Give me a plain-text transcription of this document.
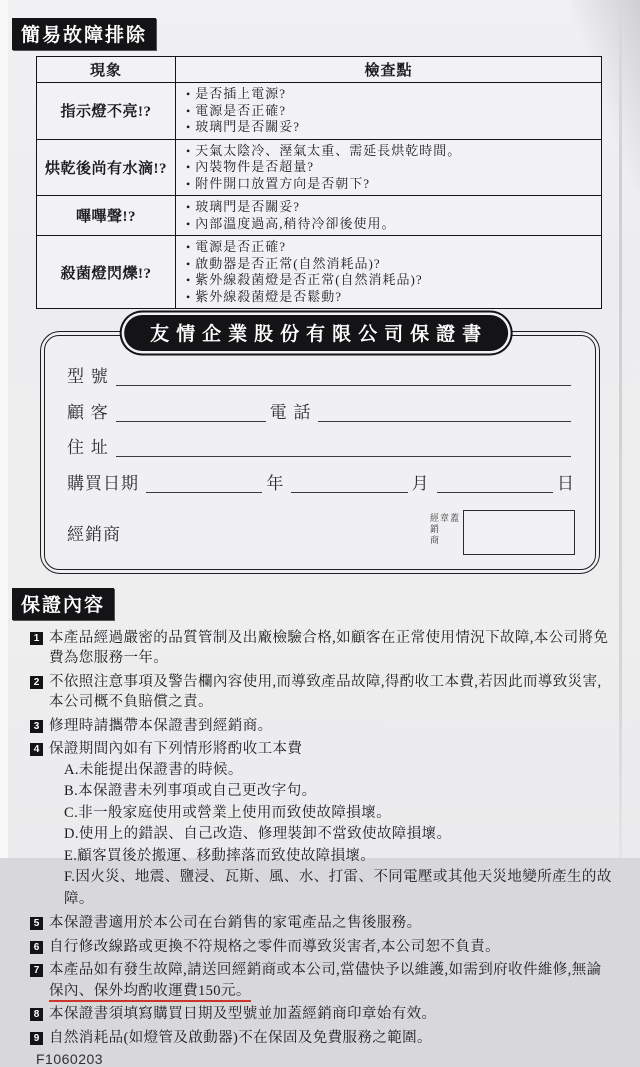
簡易故障排除
現象	檢查點
指示燈不亮!?	• 是否插上電源?
• 電源是否正確?
• 玻璃門是否關妥?

烘乾後尚有水滴!?	• 天氣太陰冷、溼氣太重、需延長烘乾時間。
• 內裝物件是否超量?
• 附件開口放置方向是否朝下?

嗶嗶聲!?	• 玻璃門是否關妥?
• 內部溫度過高,稍待冷卻後使用。

殺菌燈閃爍!?	• 電源是否正確?
• 啟動器是否正常(自然消耗品)?
• 紫外線殺菌燈是否正常(自然消耗品)?
• 紫外線殺菌燈是否鬆動?
友情企業股份有限公司保證書
型 號
顧 客	電 話
住 址
購買日期	年	月	日
經銷商	經銷商	蓋章
保證內容
1 本產品經過嚴密的品質管制及出廠檢驗合格,如顧客在正常使用情況下故障,本公司將免費為您服務一年。
2 不依照注意事項及警告欄內容使用,而導致產品故障,得酌收工本費,若因此而導致災害,本公司概不負賠償之責。
3 修理時請攜帶本保證書到經銷商。
4 保證期間內如有下列情形將酌收工本費
A.未能提出保證書的時候。
B.本保證書未列事項或自己更改字句。
C.非一般家庭使用或營業上使用而致使故障損壞。
D.使用上的錯誤、自己改造、修理裝卸不當致使故障損壞。
E.顧客買後於搬運、移動摔落而致使故障損壞。
F.因火災、地震、鹽浸、瓦斯、風、水、打雷、不同電壓或其他天災地變所產生的故障。
5 本保證書適用於本公司在台銷售的家電產品之售後服務。
6 自行修改線路或更換不符規格之零件而導致災害者,本公司恕不負責。
7 本產品如有發生故障,請送回經銷商或本公司,當儘快予以維護,如需到府收件維修,無論保內、保外均酌收運費150元。
8 本保證書須填寫購買日期及型號並加蓋經銷商印章始有效。
9 自然消耗品(如燈管及啟動器)不在保固及免費服務之範圍。
F1060203
